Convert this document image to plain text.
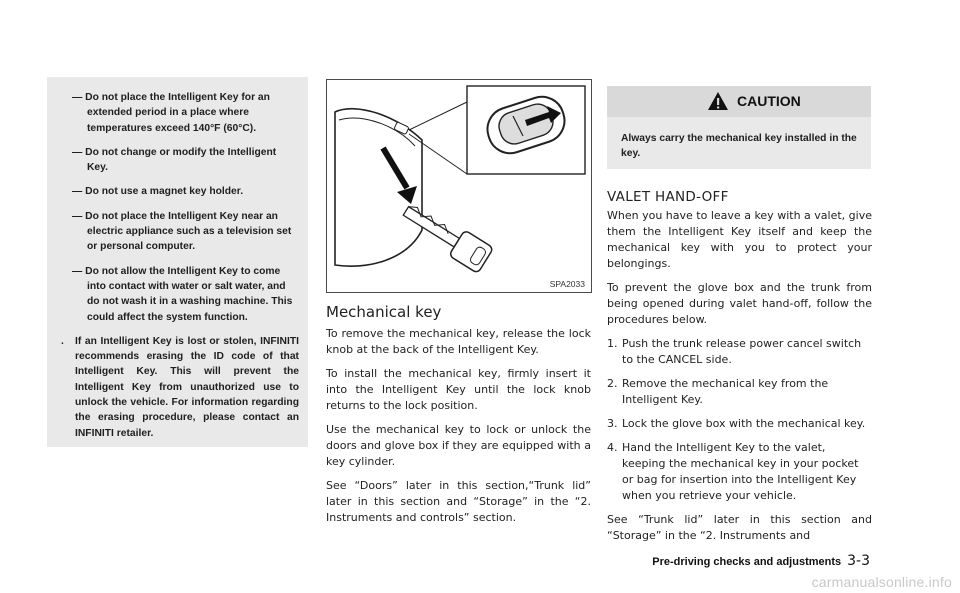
— Do not place the Intelligent Key for an extended period in a place where temperatures exceed 140°F (60°C).
— Do not change or modify the Intelligent Key.
— Do not use a magnet key holder.
— Do not place the Intelligent Key near an electric appliance such as a television set or personal computer.
— Do not allow the Intelligent Key to come into contact with water or salt water, and do not wash it in a washing machine. This could affect the system function.
. If an Intelligent Key is lost or stolen, INFINITI recommends erasing the ID code of that Intelligent Key. This will prevent the Intelligent Key from unauthorized use to unlock the vehicle. For information regarding the erasing procedure, please contact an INFINITI retailer.
SPA2033
Mechanical key

To remove the mechanical key, release the lock knob at the back of the Intelligent Key.

To install the mechanical key, firmly insert it into the Intelligent Key until the lock knob returns to the lock position.

Use the mechanical key to lock or unlock the doors and glove box if they are equipped with a key cylinder.

See “Doors” later in this section,“Trunk lid” later in this section and “Storage” in the “2. Instruments and controls” section.

CAUTION
Always carry the mechanical key installed in the key.
VALET HAND-OFF

When you have to leave a key with a valet, give them the Intelligent Key itself and keep the mechanical key with you to protect your belongings.

To prevent the glove box and the trunk from being opened during valet hand-off, follow the procedures below.

1. Push the trunk release power cancel switch to the CANCEL side.
2. Remove the mechanical key from the Intelligent Key.
3. Lock the glove box with the mechanical key.
4. Hand the Intelligent Key to the valet, keeping the mechanical key in your pocket or bag for insertion into the Intelligent Key when you retrieve your vehicle.

See “Trunk lid” later in this section and “Storage” in the “2. Instruments and

Pre-driving checks and adjustments 3-3
carmanualsonline.info
